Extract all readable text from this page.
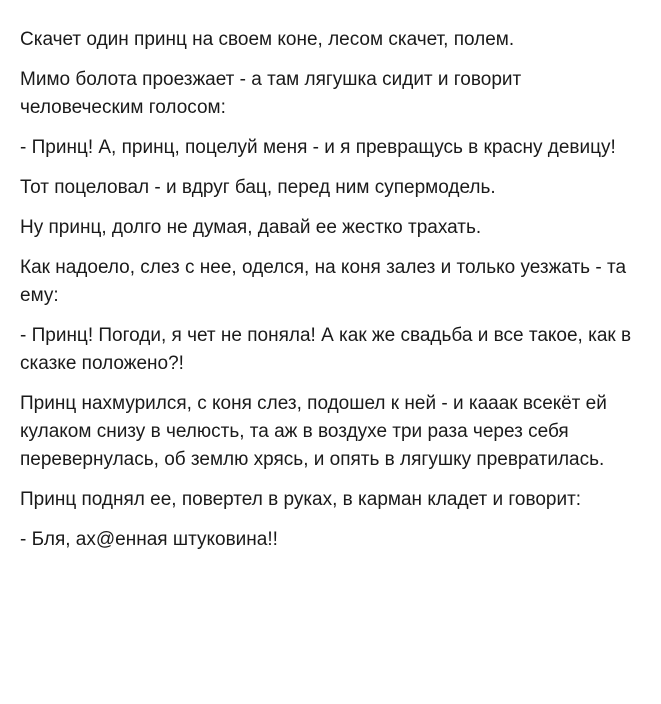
Скачет один принц на своем коне, лесом скачет, полем.

Мимо болота проезжает - а там лягушка сидит и говорит человеческим голосом:

- Принц! А, принц, поцелуй меня - и я превращусь в красну девицу!

Тот поцеловал - и вдруг бац, перед ним супермодель.

Ну принц, долго не думая, давай ее жестко трахать.

Как надоело, слез с нее, оделся, на коня залез и только уезжать - та ему:

- Принц! Погоди, я чет не поняла! А как же свадьба и все такое, как в сказке положено?!

Принц нахмурился, с коня слез, подошел к ней - и кааак всекёт ей кулаком снизу в челюсть, та аж в воздухе три раза через себя перевернулась, об землю хрясь, и опять в лягушку превратилась.

Принц поднял ее, повертел в руках, в карман кладет и говорит:

- Бля, ах@енная штуковина!!
